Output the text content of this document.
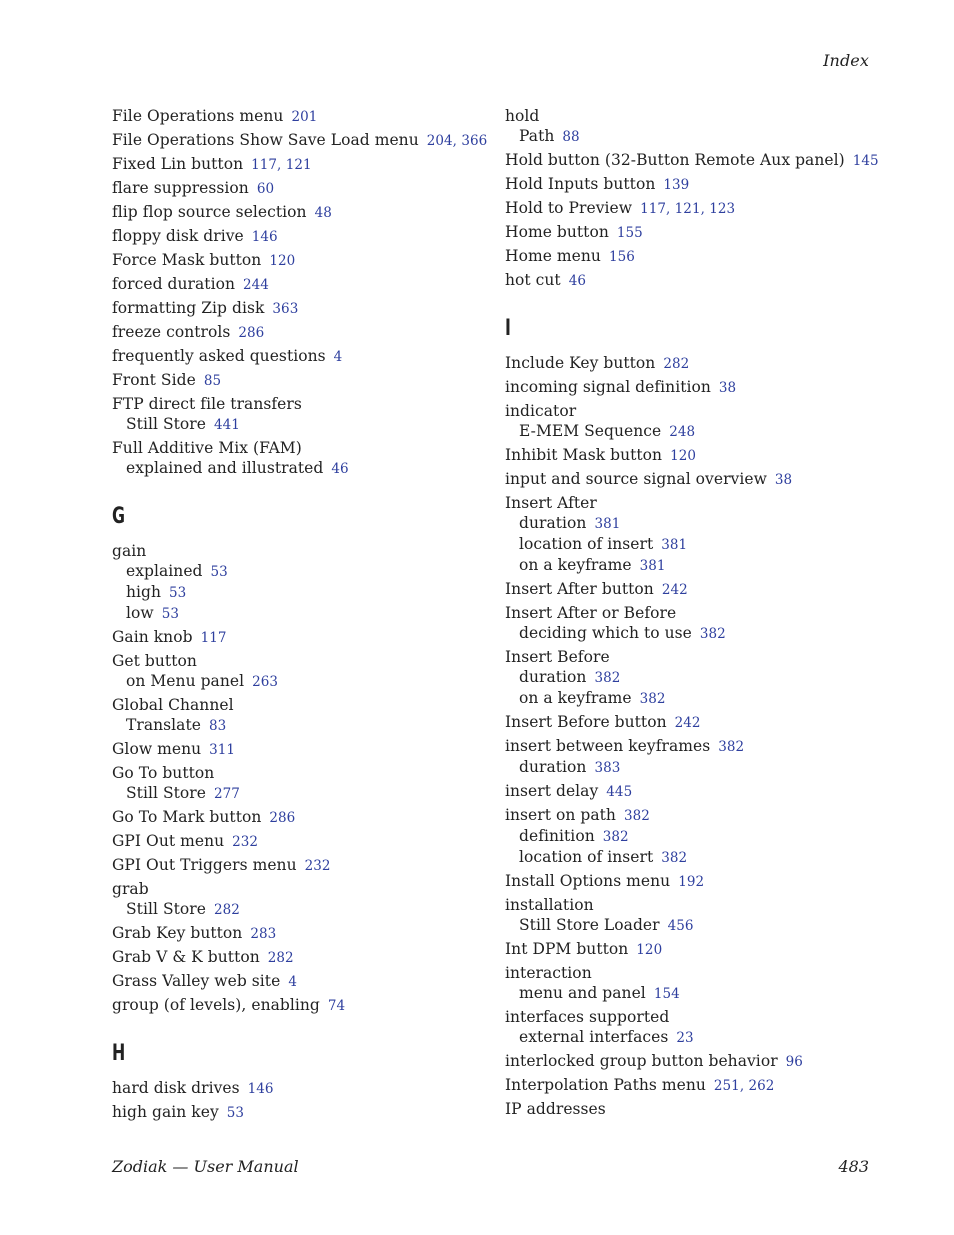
Index
File Operations menu 201
File Operations Show Save Load menu 204, 366
Fixed Lin button 117, 121
flare suppression 60
flip flop source selection 48
floppy disk drive 146
Force Mask button 120
forced duration 244
formatting Zip disk 363
freeze controls 286
frequently asked questions 4
Front Side 85
FTP direct file transfers
Still Store 441
Full Additive Mix (FAM)
explained and illustrated 46
G
gain
explained 53
high 53
low 53
Gain knob 117
Get button
on Menu panel 263
Global Channel
Translate 83
Glow menu 311
Go To button
Still Store 277
Go To Mark button 286
GPI Out menu 232
GPI Out Triggers menu 232
grab
Still Store 282
Grab Key button 283
Grab V & K button 282
Grass Valley web site 4
group (of levels), enabling 74
H
hard disk drives 146
high gain key 53
hold
Path 88
Hold button (32-Button Remote Aux panel) 145
Hold Inputs button 139
Hold to Preview 117, 121, 123
Home button 155
Home menu 156
hot cut 46
I
Include Key button 282
incoming signal definition 38
indicator
E-MEM Sequence 248
Inhibit Mask button 120
input and source signal overview 38
Insert After
duration 381
location of insert 381
on a keyframe 381
Insert After button 242
Insert After or Before
deciding which to use 382
Insert Before
duration 382
on a keyframe 382
Insert Before button 242
insert between keyframes 382
duration 383
insert delay 445
insert on path 382
definition 382
location of insert 382
Install Options menu 192
installation
Still Store Loader 456
Int DPM button 120
interaction
menu and panel 154
interfaces supported
external interfaces 23
interlocked group button behavior 96
Interpolation Paths menu 251, 262
IP addresses
Zodiak — User Manual	483
